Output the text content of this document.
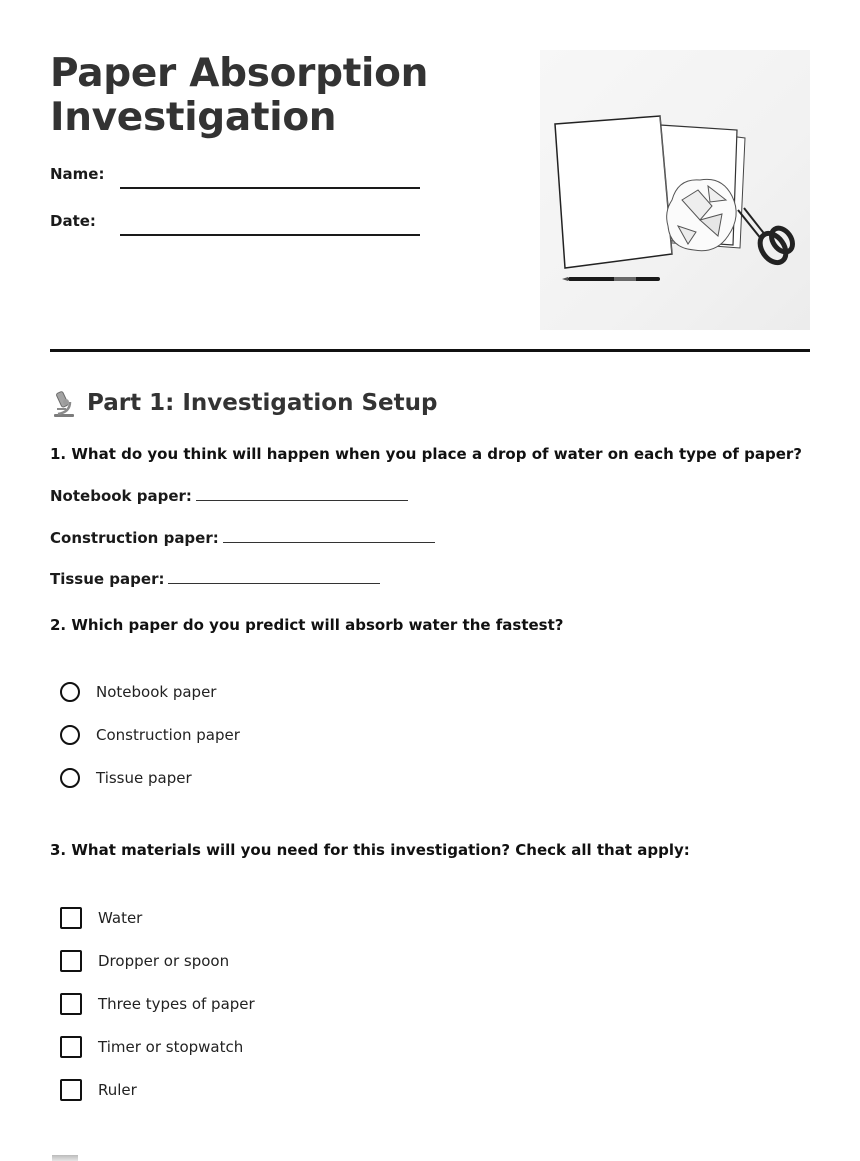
Paper Absorption
Investigation
Name:
Date:
Part 1: Investigation Setup
1. What do you think will happen when you place a drop of water on each type of paper?
Notebook paper:
Construction paper:
Tissue paper:
2. Which paper do you predict will absorb water the fastest?
Notebook paper
Construction paper
Tissue paper
3. What materials will you need for this investigation? Check all that apply:
Water
Dropper or spoon
Three types of paper
Timer or stopwatch
Ruler
